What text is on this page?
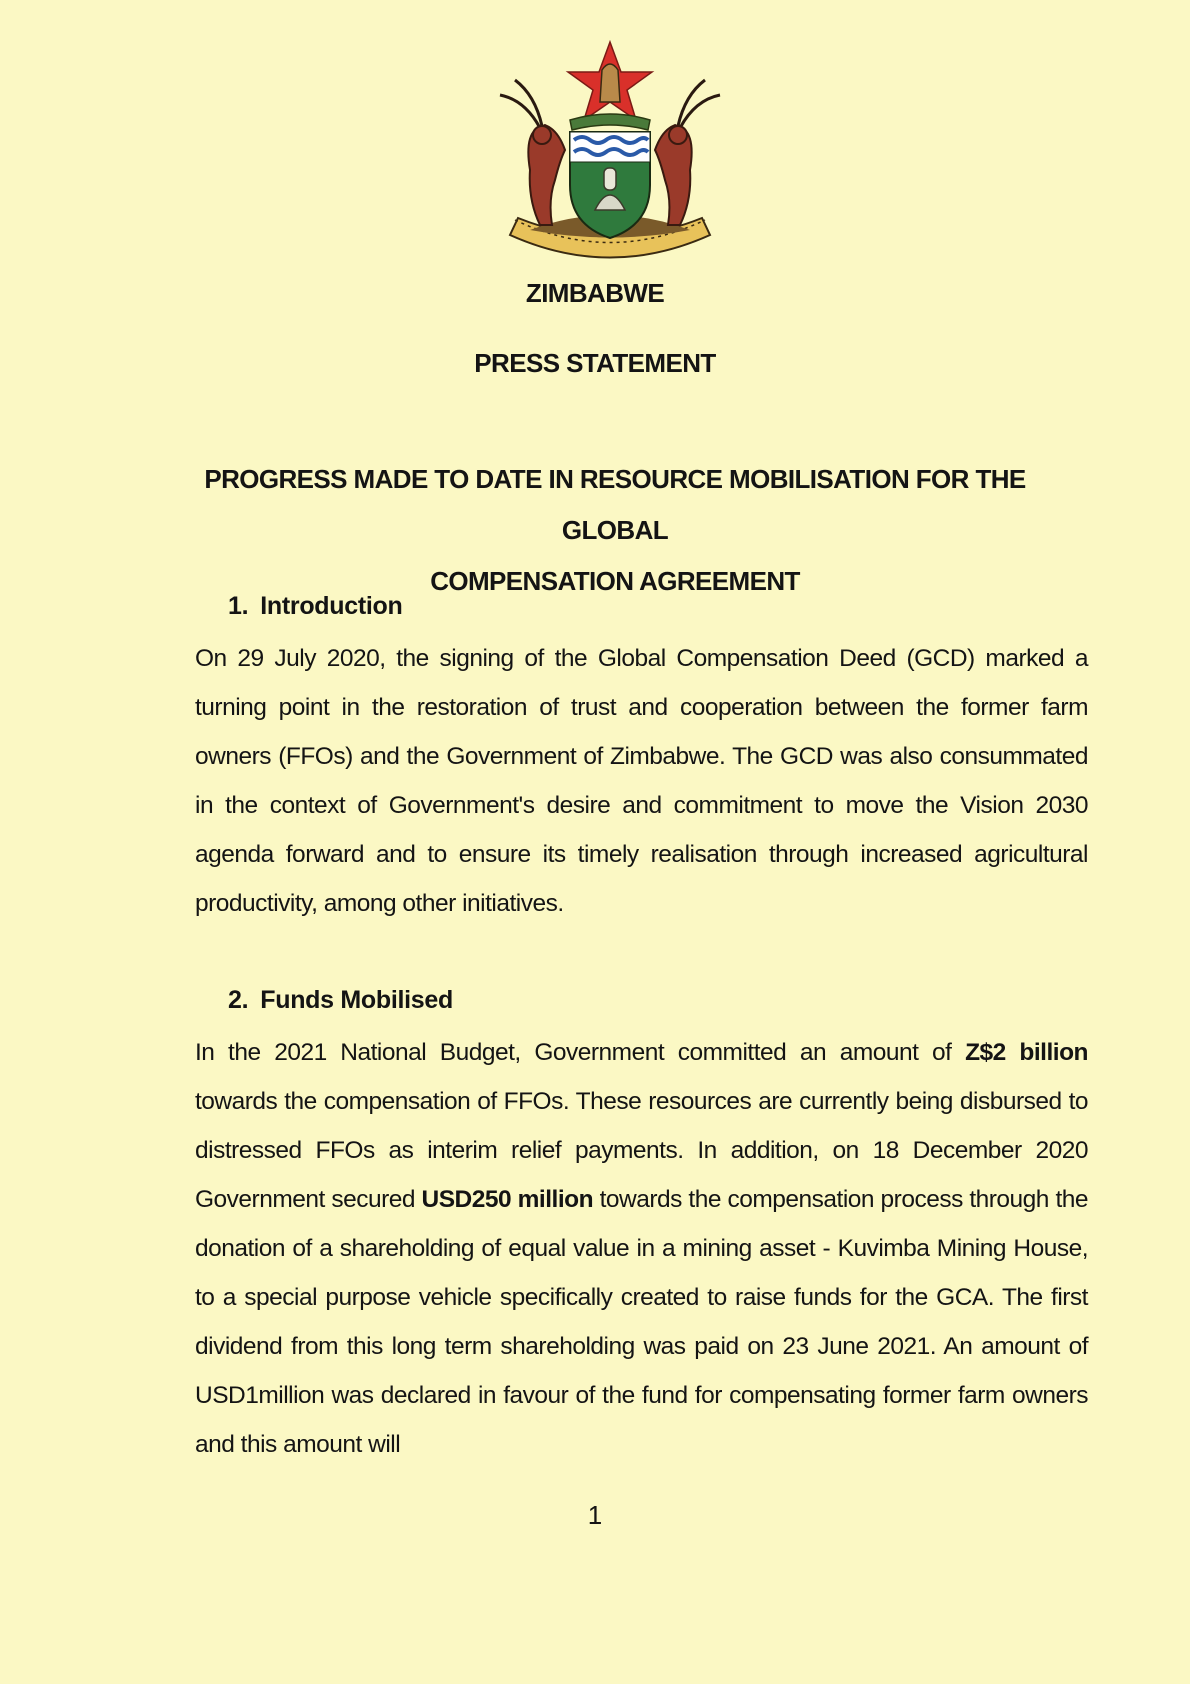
ZIMBABWE
PRESS STATEMENT
PROGRESS MADE TO DATE IN RESOURCE MOBILISATION FOR THE GLOBAL
COMPENSATION AGREEMENT
1. Introduction
On 29 July 2020, the signing of the Global Compensation Deed (GCD) marked a turning point in the restoration of trust and cooperation between the former farm owners (FFOs) and the Government of Zimbabwe. The GCD was also consummated in the context of Government's desire and commitment to move the Vision 2030 agenda forward and to ensure its timely realisation through increased agricultural productivity, among other initiatives.
2. Funds Mobilised
In the 2021 National Budget, Government committed an amount of Z$2 billion towards the compensation of FFOs. These resources are currently being disbursed to distressed FFOs as interim relief payments. In addition, on 18 December 2020 Government secured USD250 million towards the compensation process through the donation of a shareholding of equal value in a mining asset - Kuvimba Mining House, to a special purpose vehicle specifically created to raise funds for the GCA. The first dividend from this long term shareholding was paid on 23 June 2021. An amount of USD1million was declared in favour of the fund for compensating former farm owners and this amount will
1
